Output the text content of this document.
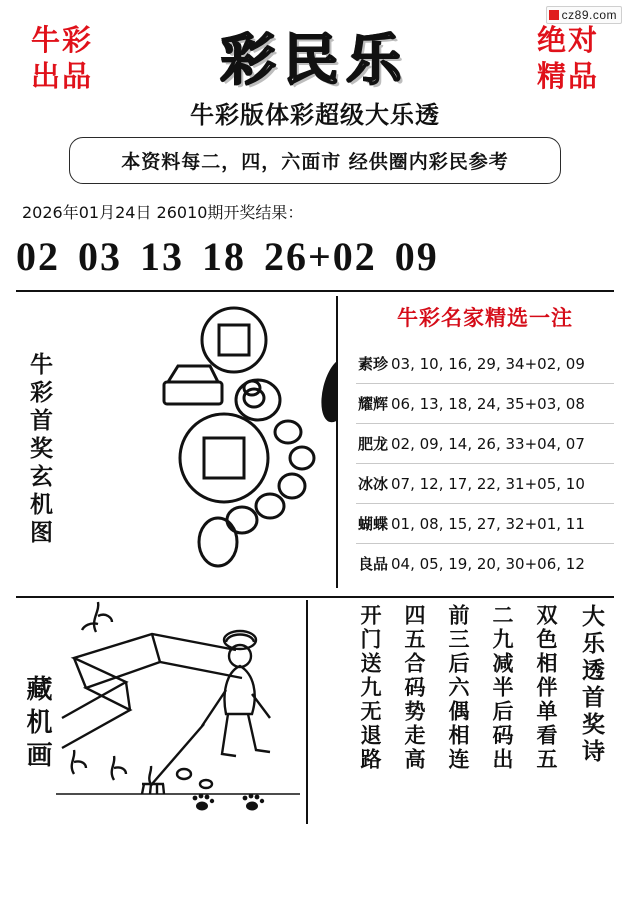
cz89.com
牛彩
出品
绝对
精品
彩民乐
牛彩版体彩超级大乐透
本资料每二，四，六面市 经供圈内彩民参考
2026年01月24日 26010期开奖结果：
02 03 13 18 26+02 09
牛彩首奖玄机图
牛彩名家精选一注
素珍 03, 10, 16, 29, 34+02, 09
耀辉 06, 13, 18, 24, 35+03, 08
肥龙 02, 09, 14, 26, 33+04, 07
冰冰 07, 12, 17, 22, 31+05, 10
蝴蝶 01, 08, 15, 27, 32+01, 11
良品 04, 05, 19, 20, 30+06, 12
藏机画	大乐透首奖诗
双色相伴单看五
二九减半后码出
前三后六偶相连
四五合码势走高
开门送九无退路
